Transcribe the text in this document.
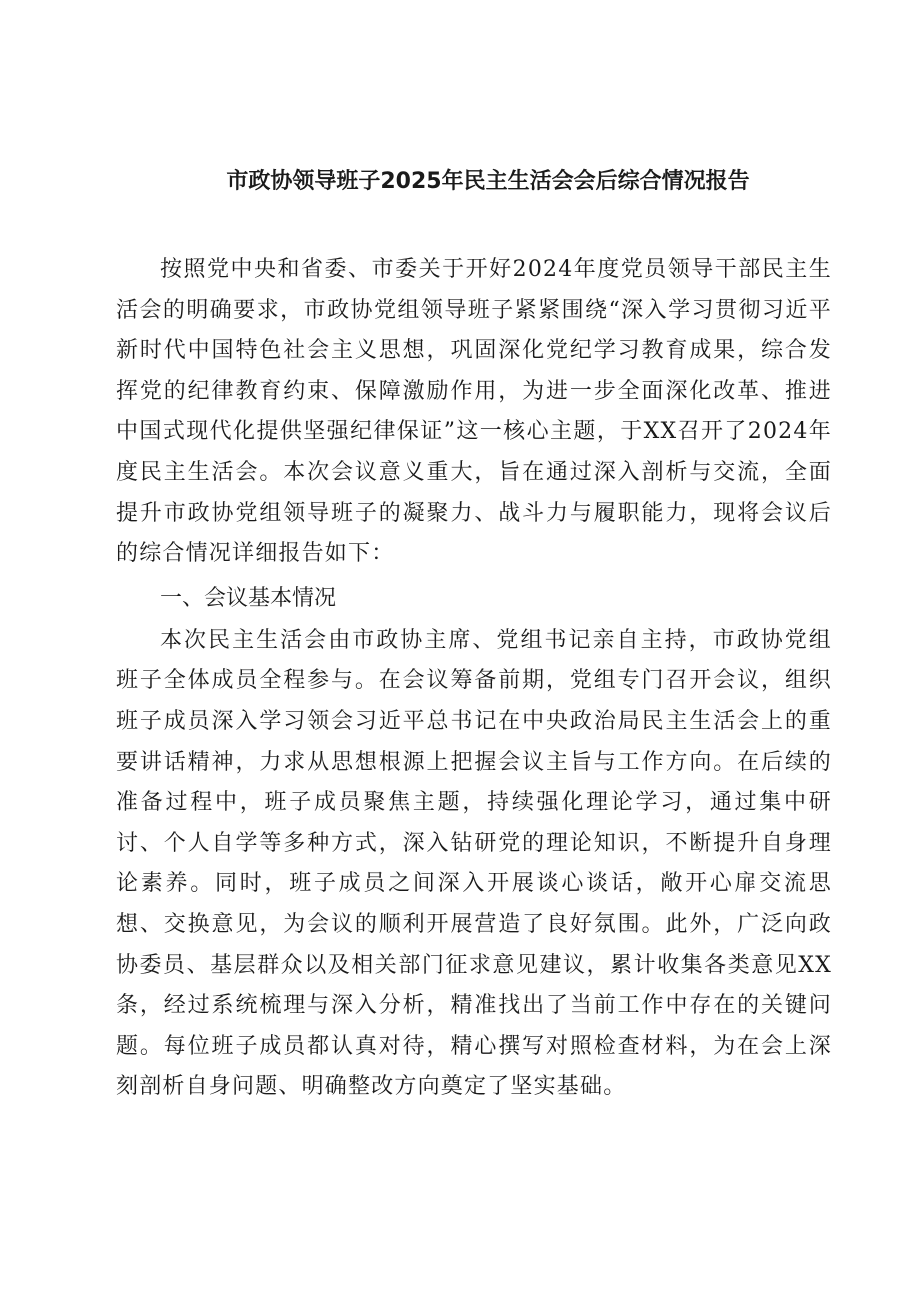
市政协领导班子2025年民主生活会会后综合情况报告

按照党中央和省委、市委关于开好2024年度党员领导干部民主生活会的明确要求，市政协党组领导班子紧紧围绕“深入学习贯彻习近平新时代中国特色社会主义思想，巩固深化党纪学习教育成果，综合发挥党的纪律教育约束、保障激励作用，为进一步全面深化改革、推进中国式现代化提供坚强纪律保证”这一核心主题，于XX召开了2024年度民主生活会。本次会议意义重大，旨在通过深入剖析与交流，全面提升市政协党组领导班子的凝聚力、战斗力与履职能力，现将会议后的综合情况详细报告如下：

一、会议基本情况

本次民主生活会由市政协主席、党组书记亲自主持，市政协党组班子全体成员全程参与。在会议筹备前期，党组专门召开会议，组织班子成员深入学习领会习近平总书记在中央政治局民主生活会上的重要讲话精神，力求从思想根源上把握会议主旨与工作方向。在后续的准备过程中，班子成员聚焦主题，持续强化理论学习，通过集中研讨、个人自学等多种方式，深入钻研党的理论知识，不断提升自身理论素养。同时，班子成员之间深入开展谈心谈话，敞开心扉交流思想、交换意见，为会议的顺利开展营造了良好氛围。此外，广泛向政协委员、基层群众以及相关部门征求意见建议，累计收集各类意见XX条，经过系统梳理与深入分析，精准找出了当前工作中存在的关键问题。每位班子成员都认真对待，精心撰写对照检查材料，为在会上深刻剖析自身问题、明确整改方向奠定了坚实基础。
